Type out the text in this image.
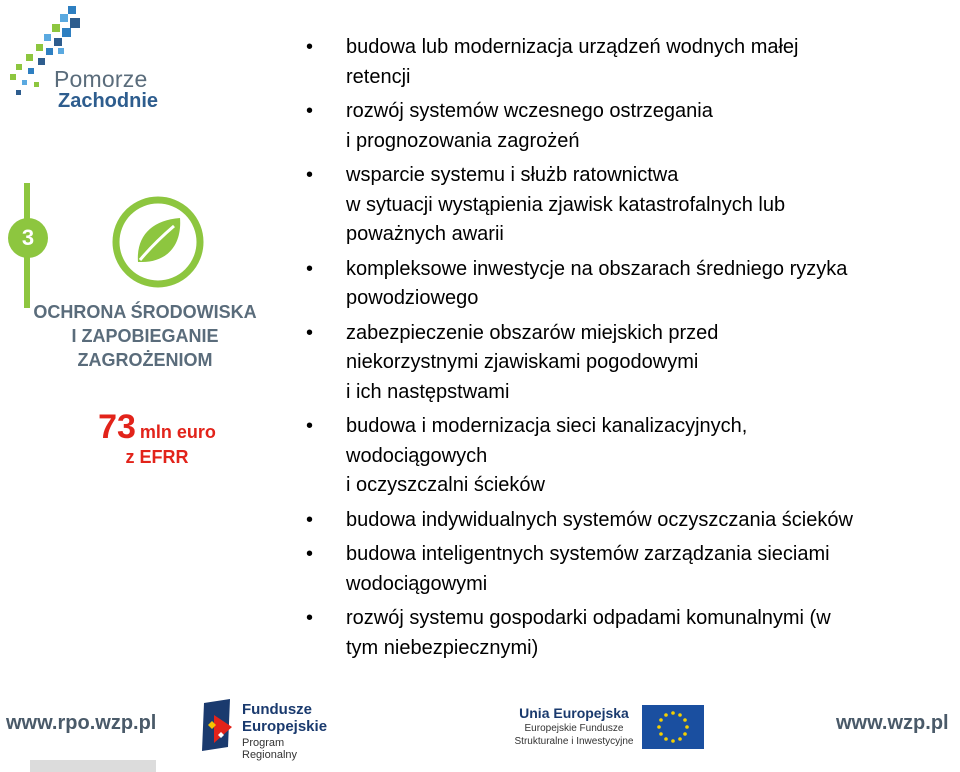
Pomorze
Zachodnie
3
OCHRONA ŚRODOWISKA
I ZAPOBIEGANIE
ZAGROŻENIOM
73 mln euro
z EFRR
• budowa lub modernizacja urządzeń wodnych małej
retencji
• rozwój systemów wczesnego ostrzegania
i prognozowania zagrożeń
• wsparcie systemu i służb ratownictwa
w sytuacji wystąpienia zjawisk katastrofalnych lub
poważnych awarii
• kompleksowe inwestycje na obszarach średniego ryzyka
powodziowego
• zabezpieczenie obszarów miejskich przed
niekorzystnymi zjawiskami pogodowymi
i ich następstwami
• budowa i modernizacja sieci kanalizacyjnych,
wodociągowych
i oczyszczalni ścieków
• budowa indywidualnych systemów oczyszczania ścieków
• budowa inteligentnych systemów zarządzania sieciami
wodociągowymi
• rozwój systemu gospodarki odpadami komunalnymi (w
tym niebezpiecznymi)
www.rpo.wzp.pl
Fundusze
Europejskie
Program Regionalny
Unia Europejska
Europejskie Fundusze
Strukturalne i Inwestycyjne
www.wzp.pl
